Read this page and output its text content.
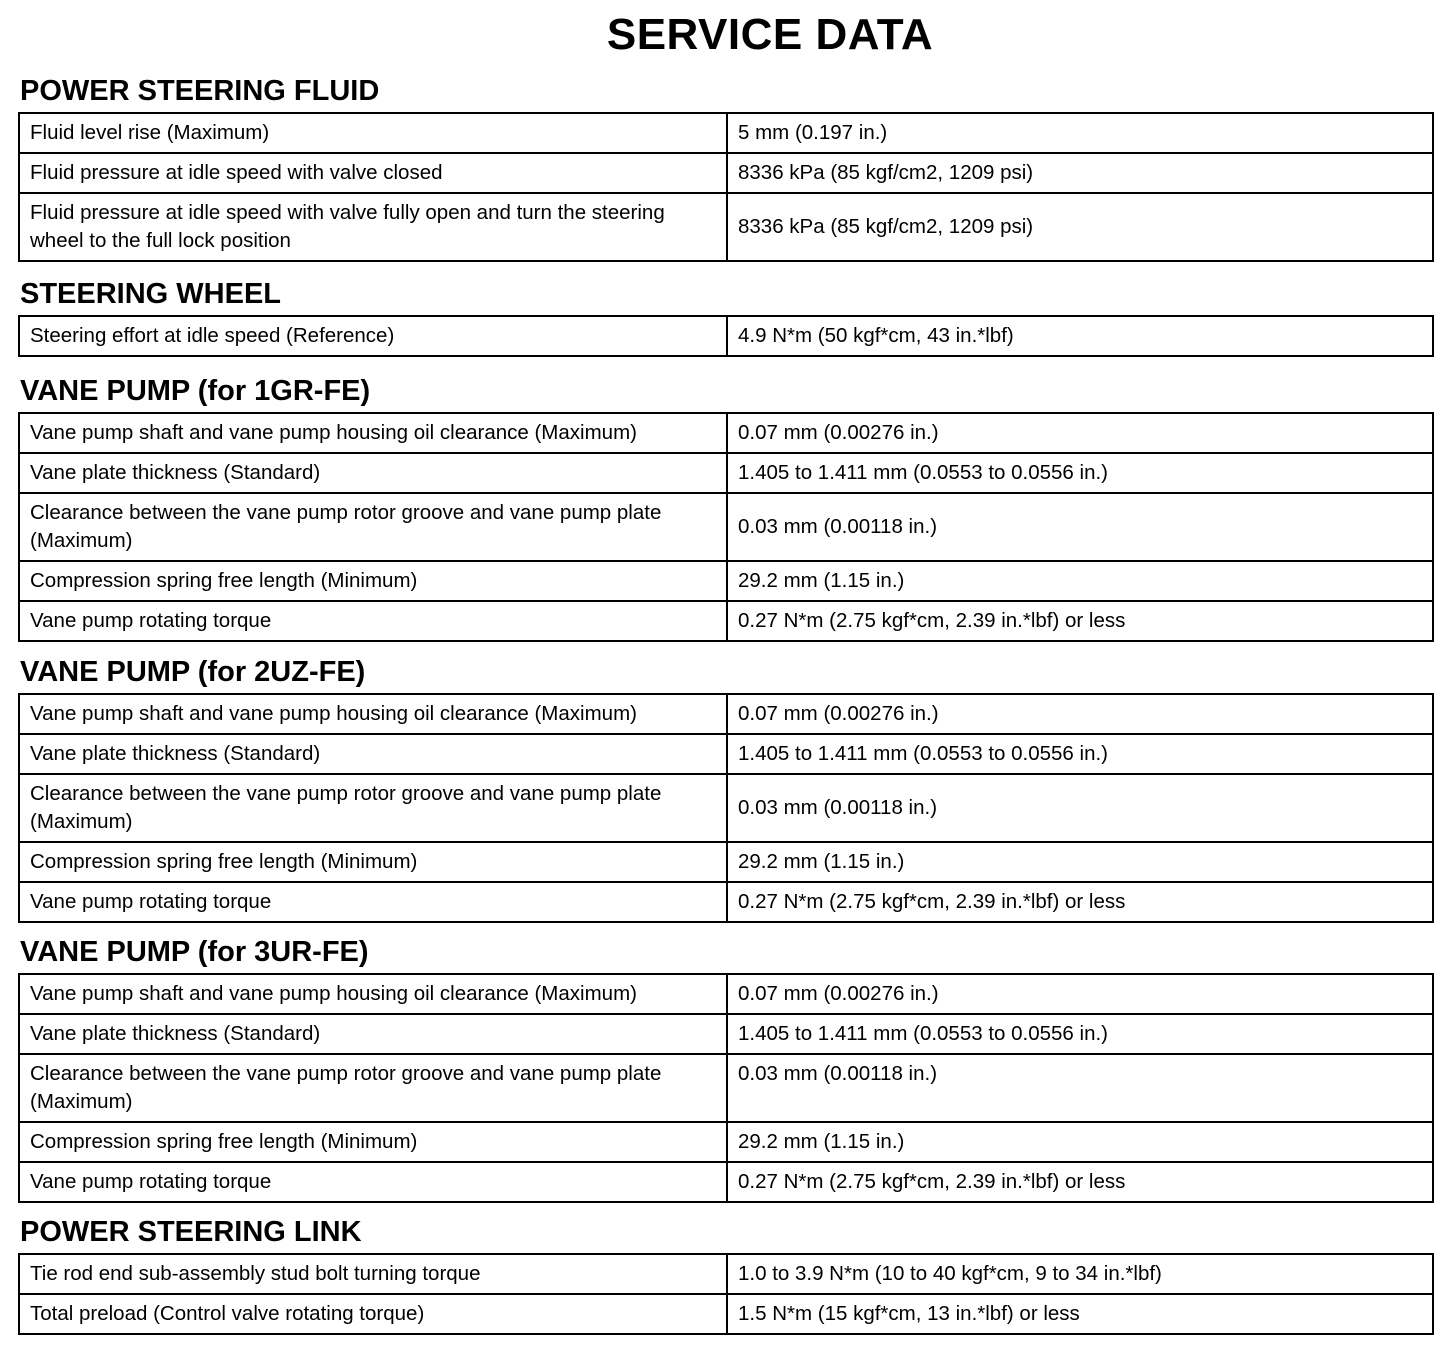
SERVICE DATA
POWER STEERING FLUID
Fluid level rise (Maximum)	5 mm (0.197 in.)
Fluid pressure at idle speed with valve closed	8336 kPa (85 kgf/cm2, 1209 psi)
Fluid pressure at idle speed with valve fully open and turn the steering wheel to the full lock position	8336 kPa (85 kgf/cm2, 1209 psi)
STEERING WHEEL
Steering effort at idle speed (Reference)	4.9 N*m (50 kgf*cm, 43 in.*lbf)
VANE PUMP (for 1GR-FE)
Vane pump shaft and vane pump housing oil clearance (Maximum)	0.07 mm (0.00276 in.)
Vane plate thickness (Standard)	1.405 to 1.411 mm (0.0553 to 0.0556 in.)
Clearance between the vane pump rotor groove and vane pump plate (Maximum)	0.03 mm (0.00118 in.)
Compression spring free length (Minimum)	29.2 mm (1.15 in.)
Vane pump rotating torque	0.27 N*m (2.75 kgf*cm, 2.39 in.*lbf) or less
VANE PUMP (for 2UZ-FE)
Vane pump shaft and vane pump housing oil clearance (Maximum)	0.07 mm (0.00276 in.)
Vane plate thickness (Standard)	1.405 to 1.411 mm (0.0553 to 0.0556 in.)
Clearance between the vane pump rotor groove and vane pump plate (Maximum)	0.03 mm (0.00118 in.)
Compression spring free length (Minimum)	29.2 mm (1.15 in.)
Vane pump rotating torque	0.27 N*m (2.75 kgf*cm, 2.39 in.*lbf) or less
VANE PUMP (for 3UR-FE)
Vane pump shaft and vane pump housing oil clearance (Maximum)	0.07 mm (0.00276 in.)
Vane plate thickness (Standard)	1.405 to 1.411 mm (0.0553 to 0.0556 in.)
Clearance between the vane pump rotor groove and vane pump plate (Maximum)	0.03 mm (0.00118 in.)
Compression spring free length (Minimum)	29.2 mm (1.15 in.)
Vane pump rotating torque	0.27 N*m (2.75 kgf*cm, 2.39 in.*lbf) or less
POWER STEERING LINK
Tie rod end sub-assembly stud bolt turning torque	1.0 to 3.9 N*m (10 to 40 kgf*cm, 9 to 34 in.*lbf)
Total preload (Control valve rotating torque)	1.5 N*m (15 kgf*cm, 13 in.*lbf) or less
